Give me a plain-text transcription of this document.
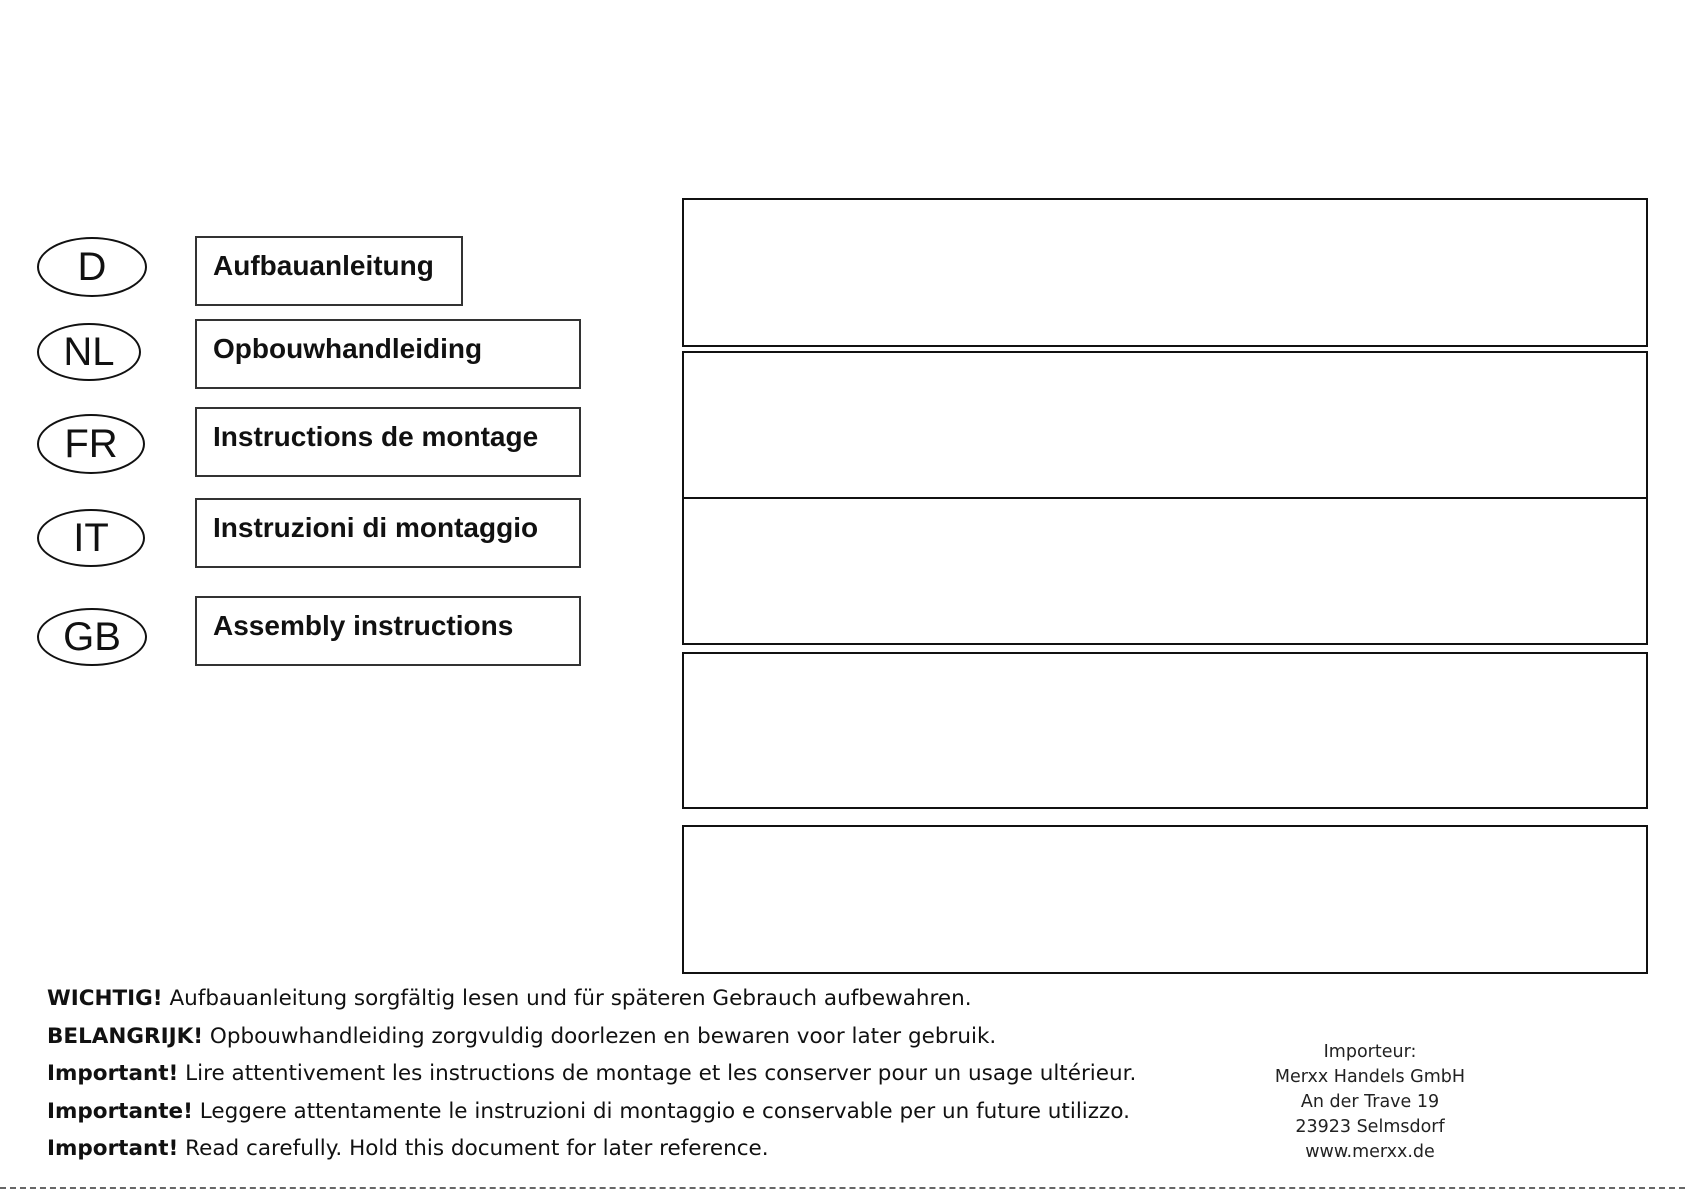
D	Aufbauanleitung
NL	Opbouwhandleiding
FR	Instructions de montage
IT	Instruzioni di montaggio
GB	Assembly instructions
WICHTIG! Aufbauanleitung sorgfältig lesen und für späteren Gebrauch aufbewahren.
BELANGRIJK! Opbouwhandleiding zorgvuldig doorlezen en bewaren voor later gebruik.
Important! Lire attentivement les instructions de montage et les conserver pour un usage ultérieur.
Importante! Leggere attentamente le instruzioni di montaggio e conservable per un future utilizzo.
Important! Read carefully. Hold this document for later reference.
Importeur:
Merxx Handels GmbH
An der Trave 19
23923 Selmsdorf
www.merxx.de
